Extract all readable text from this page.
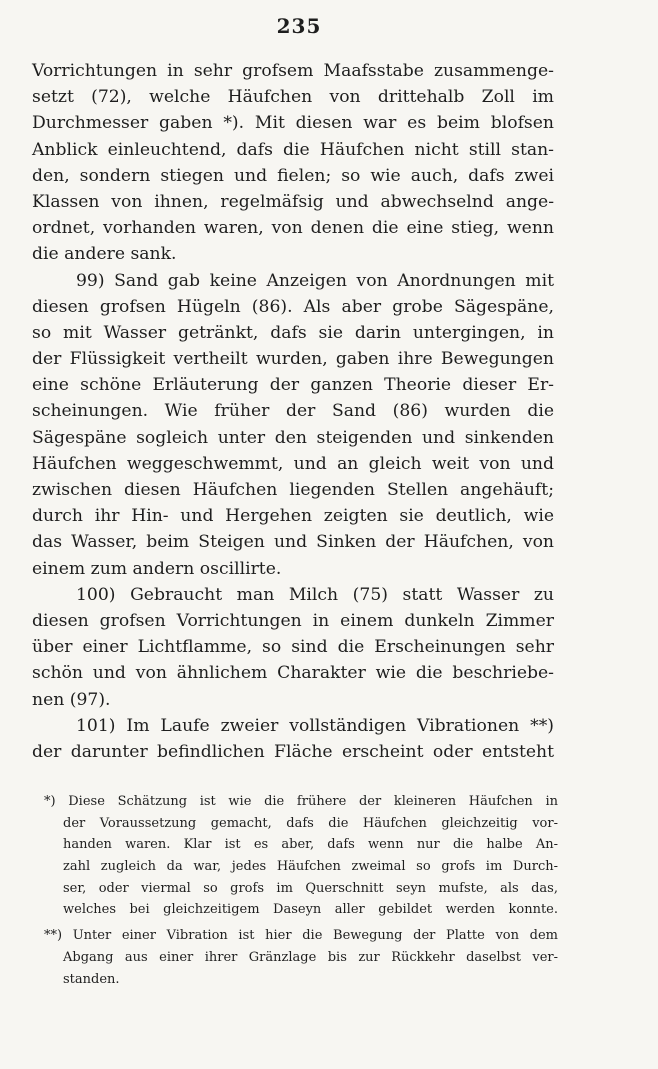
235
Vorrichtungen in sehr grofsem Maafsstabe zusammenge-
setzt (72), welche Häufchen von drittehalb Zoll im
Durchmesser gaben *). Mit diesen war es beim blofsen
Anblick einleuchtend, dafs die Häufchen nicht still stan-
den, sondern stiegen und fielen; so wie auch, dafs zwei
Klassen von ihnen, regelmäfsig und abwechselnd ange-
ordnet, vorhanden waren, von denen die eine stieg, wenn
die andere sank.
99) Sand gab keine Anzeigen von Anordnungen mit
diesen grofsen Hügeln (86). Als aber grobe Sägespäne,
so mit Wasser getränkt, dafs sie darin untergingen, in
der Flüssigkeit vertheilt wurden, gaben ihre Bewegungen
eine schöne Erläuterung der ganzen Theorie dieser Er-
scheinungen. Wie früher der Sand (86) wurden die
Sägespäne sogleich unter den steigenden und sinkenden
Häufchen weggeschwemmt, und an gleich weit von und
zwischen diesen Häufchen liegenden Stellen angehäuft;
durch ihr Hin- und Hergehen zeigten sie deutlich, wie
das Wasser, beim Steigen und Sinken der Häufchen, von
einem zum andern oscillirte.
100) Gebraucht man Milch (75) statt Wasser zu
diesen grofsen Vorrichtungen in einem dunkeln Zimmer
über einer Lichtflamme, so sind die Erscheinungen sehr
schön und von ähnlichem Charakter wie die beschriebe-
nen (97).
101) Im Laufe zweier vollständigen Vibrationen **)
der darunter befindlichen Fläche erscheint oder entsteht
*) Diese Schätzung ist wie die frühere der kleineren Häufchen in
der Voraussetzung gemacht, dafs die Häufchen gleichzeitig vor-
handen waren. Klar ist es aber, dafs wenn nur die halbe An-
zahl zugleich da war, jedes Häufchen zweimal so grofs im Durch-
ser, oder viermal so grofs im Querschnitt seyn mufste, als das,
welches bei gleichzeitigem Daseyn aller gebildet werden konnte.
**) Unter einer Vibration ist hier die Bewegung der Platte von dem
Abgang aus einer ihrer Gränzlage bis zur Rückkehr daselbst ver-
standen.
